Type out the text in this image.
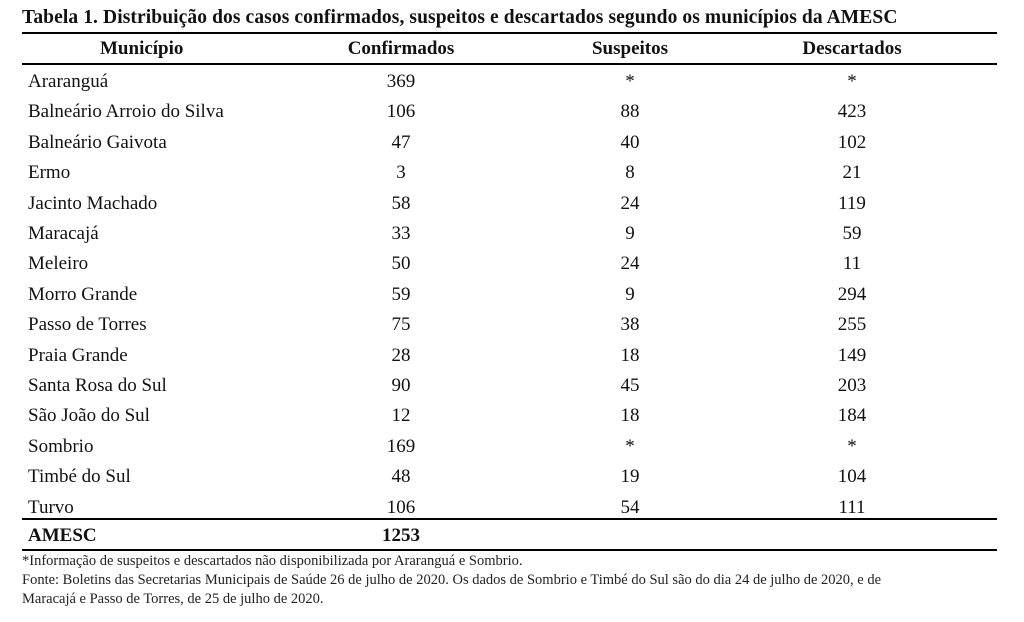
Tabela 1. Distribuição dos casos confirmados, suspeitos e descartados segundo os municípios da AMESC
Município	Confirmados	Suspeitos	Descartados
Araranguá	369	*	*
Balneário Arroio do Silva	106	88	423
Balneário Gaivota	47	40	102
Ermo	3	8	21
Jacinto Machado	58	24	119
Maracajá	33	9	59
Meleiro	50	24	11
Morro Grande	59	9	294
Passo de Torres	75	38	255
Praia Grande	28	18	149
Santa Rosa do Sul	90	45	203
São João do Sul	12	18	184
Sombrio	169	*	*
Timbé do Sul	48	19	104
Turvo	106	54	111
AMESC	1253
*Informação de suspeitos e descartados não disponibilizada por Araranguá e Sombrio.
Fonte: Boletins das Secretarias Municipais de Saúde 26 de julho de 2020. Os dados de Sombrio e Timbé do Sul são do dia 24 de julho de 2020, e de
Maracajá e Passo de Torres, de 25 de julho de 2020.
